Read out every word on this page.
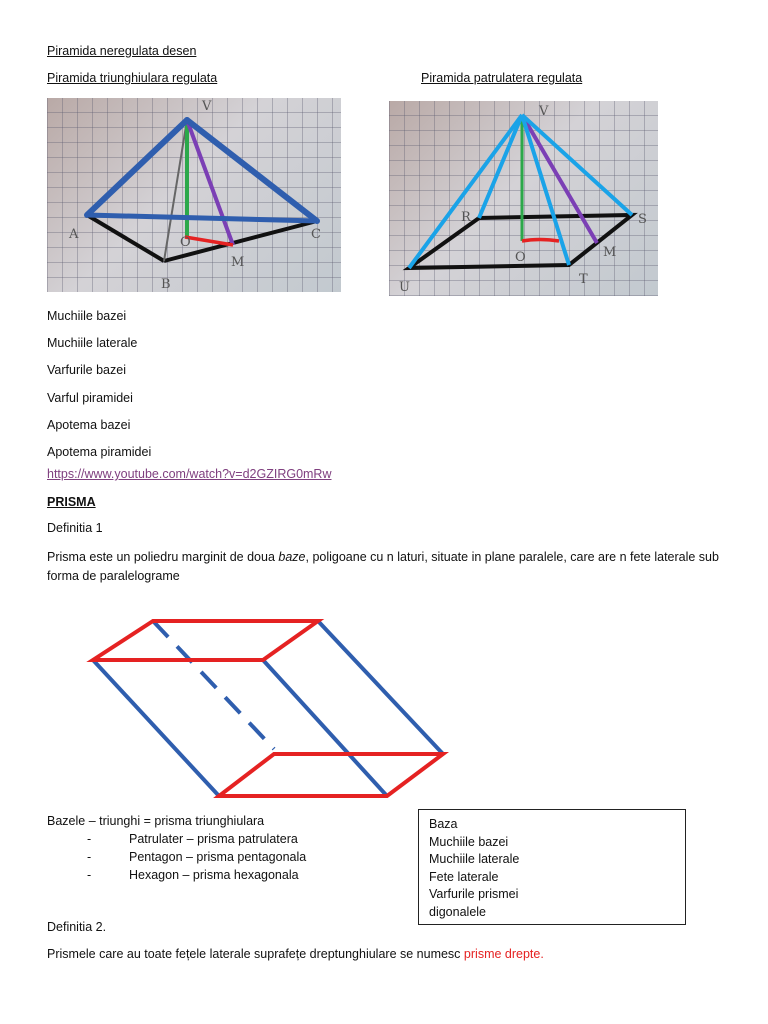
Piramida neregulata desen
Piramida triunghiulara regulata	Piramida patrulatera regulata
V
A
B
C
O
M
V
R	S
U
T
O	M
Muchiile bazei
Muchiile laterale
Varfurile bazei
Varful piramidei
Apotema bazei
Apotema piramidei
https://www.youtube.com/watch?v=d2GZIRG0mRw
PRISMA
Definitia 1
Prisma este un poliedru marginit de doua baze, poligoane cu n laturi, situate in plane paralele, care are n fete laterale sub forma de paralelograme
Bazele – triunghi = prisma triunghiulara
-	Patrulater – prisma patrulatera
-	Pentagon – prisma pentagonala
-	Hexagon – prisma hexagonala
Baza
Muchiile bazei
Muchiile laterale
Fete laterale
Varfurile prismei
digonalele
Definitia 2.
Prismele care au toate fețele laterale suprafețe dreptunghiulare se numesc prisme drepte.
